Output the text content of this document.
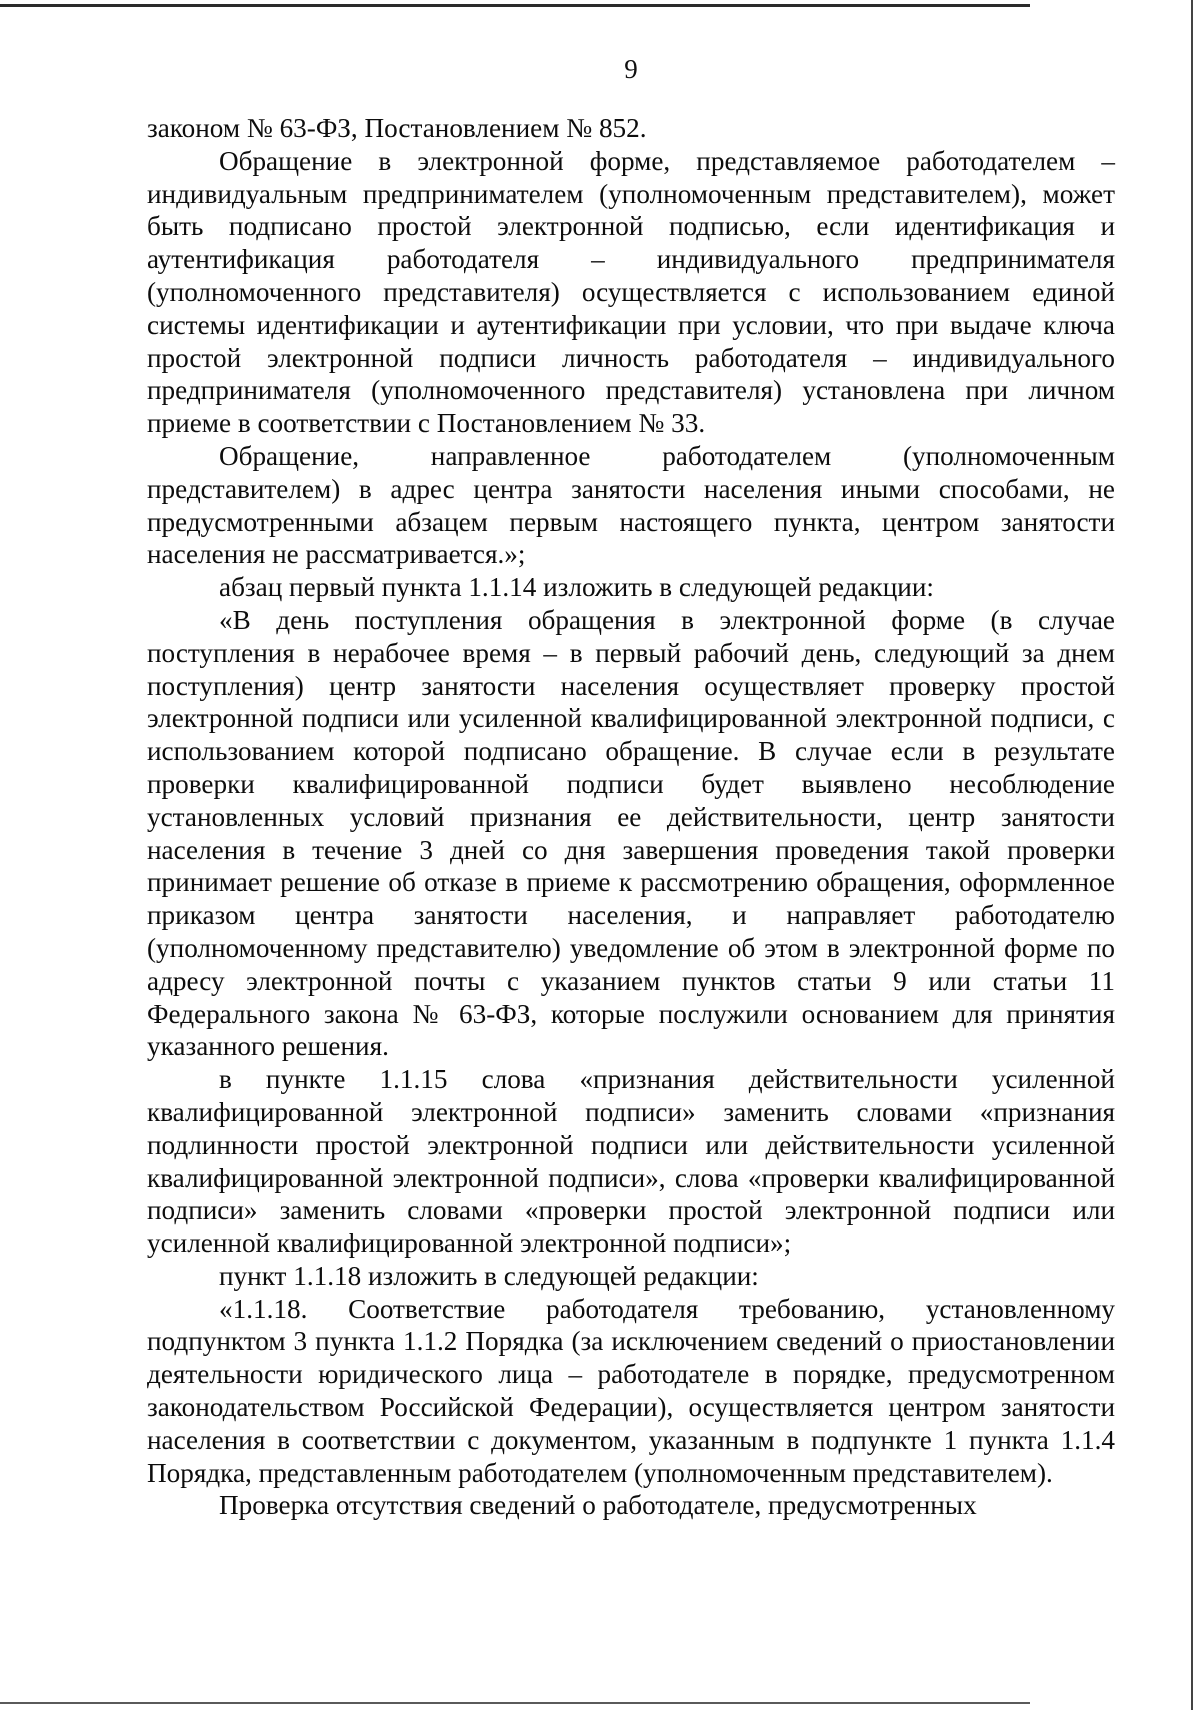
9

законом № 63-ФЗ, Постановлением № 852.

Обращение в электронной форме, представляемое работодателем – индивидуальным предпринимателем (уполномоченным представителем), может быть подписано простой электронной подписью, если идентификация и аутентификация работодателя – индивидуального предпринимателя (уполномоченного представителя) осуществляется с использованием единой системы идентификации и аутентификации при условии, что при выдаче ключа простой электронной подписи личность работодателя – индивидуального предпринимателя (уполномоченного представителя) установлена при личном приеме в соответствии с Постановлением № 33.

Обращение, направленное работодателем (уполномоченным представителем) в адрес центра занятости населения иными способами, не предусмотренными абзацем первым настоящего пункта, центром занятости населения не рассматривается.»;

абзац первый пункта 1.1.14 изложить в следующей редакции:

«В день поступления обращения в электронной форме (в случае поступления в нерабочее время – в первый рабочий день, следующий за днем поступления) центр занятости населения осуществляет проверку простой электронной подписи или усиленной квалифицированной электронной подписи, с использованием которой подписано обращение. В случае если в результате проверки квалифицированной подписи будет выявлено несоблюдение установленных условий признания ее действительности, центр занятости населения в течение 3 дней со дня завершения проведения такой проверки принимает решение об отказе в приеме к рассмотрению обращения, оформленное приказом центра занятости населения, и направляет работодателю (уполномоченному представителю) уведомление об этом в электронной форме по адресу электронной почты с указанием пунктов статьи 9 или статьи 11 Федерального закона № 63-ФЗ, которые послужили основанием для принятия указанного решения.

в пункте 1.1.15 слова «признания действительности усиленной квалифицированной электронной подписи» заменить словами «признания подлинности простой электронной подписи или действительности усиленной квалифицированной электронной подписи», слова «проверки квалифицированной подписи» заменить словами «проверки простой электронной подписи или усиленной квалифицированной электронной подписи»;

пункт 1.1.18 изложить в следующей редакции:

«1.1.18. Соответствие работодателя требованию, установленному подпунктом 3 пункта 1.1.2 Порядка (за исключением сведений о приостановлении деятельности юридического лица – работодателе в порядке, предусмотренном законодательством Российской Федерации), осуществляется центром занятости населения в соответствии с документом, указанным в подпункте 1 пункта 1.1.4 Порядка, представленным работодателем (уполномоченным представителем).

Проверка отсутствия сведений о работодателе, предусмотренных
